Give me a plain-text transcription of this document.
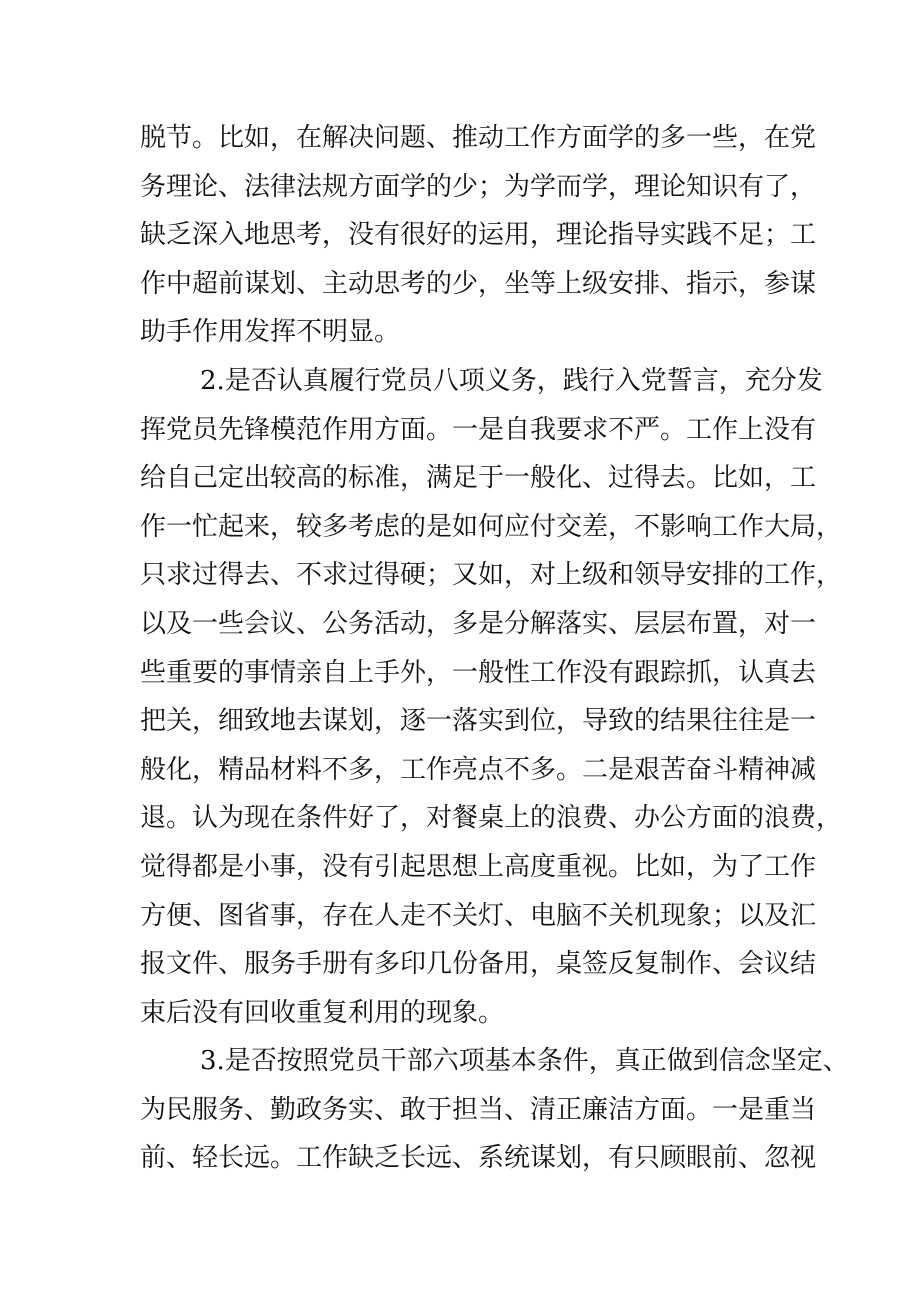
脱节。比如，在解决问题、推动工作方面学的多一些，在党
务理论、法律法规方面学的少；为学而学，理论知识有了，
缺乏深入地思考，没有很好的运用，理论指导实践不足；工
作中超前谋划、主动思考的少，坐等上级安排、指示，参谋
助手作用发挥不明显。
2.是否认真履行党员八项义务，践行入党誓言，充分发
挥党员先锋模范作用方面。一是自我要求不严。工作上没有
给自己定出较高的标准，满足于一般化、过得去。比如，工
作一忙起来，较多考虑的是如何应付交差，不影响工作大局，
只求过得去、不求过得硬；又如，对上级和领导安排的工作，
以及一些会议、公务活动，多是分解落实、层层布置，对一
些重要的事情亲自上手外，一般性工作没有跟踪抓，认真去
把关，细致地去谋划，逐一落实到位，导致的结果往往是一
般化，精品材料不多，工作亮点不多。二是艰苦奋斗精神减
退。认为现在条件好了，对餐桌上的浪费、办公方面的浪费，
觉得都是小事，没有引起思想上高度重视。比如，为了工作
方便、图省事，存在人走不关灯、电脑不关机现象；以及汇
报文件、服务手册有多印几份备用，桌签反复制作、会议结
束后没有回收重复利用的现象。
3.是否按照党员干部六项基本条件，真正做到信念坚定、
为民服务、勤政务实、敢于担当、清正廉洁方面。一是重当
前、轻长远。工作缺乏长远、系统谋划，有只顾眼前、忽视
